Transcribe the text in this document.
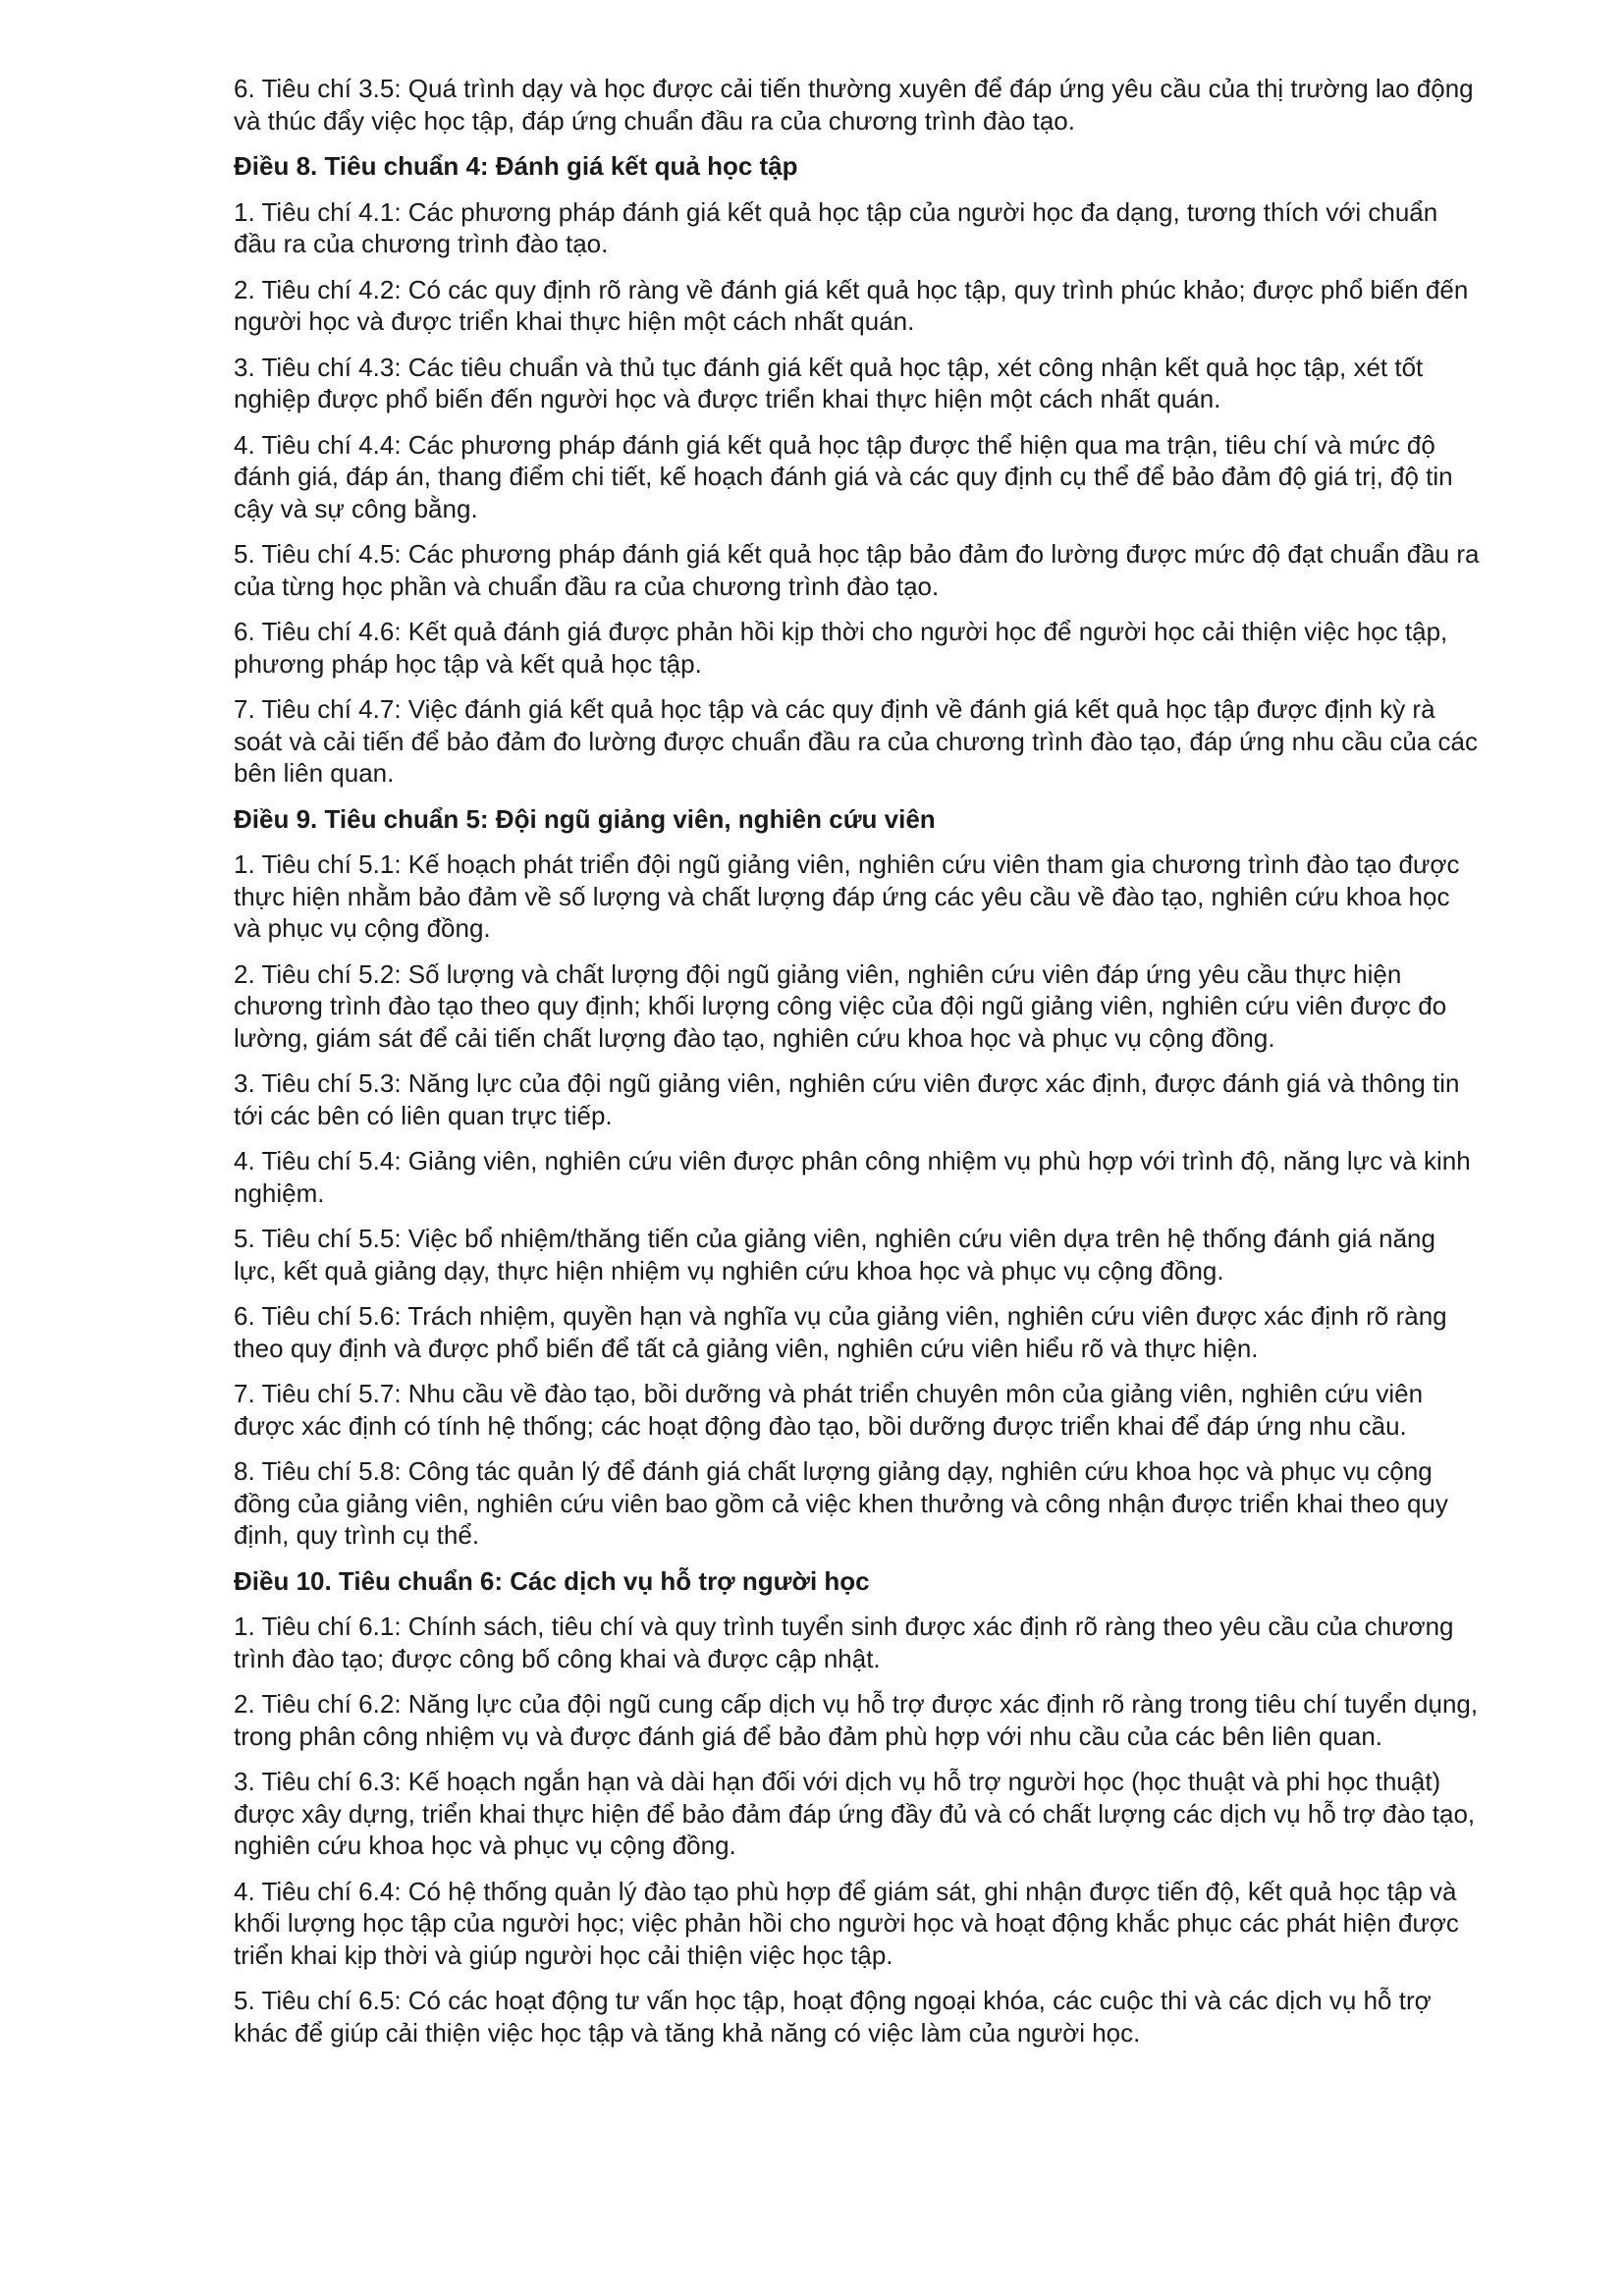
6. Tiêu chí 3.5: Quá trình dạy và học được cải tiến thường xuyên để đáp ứng yêu cầu của thị trường lao động và thúc đẩy việc học tập, đáp ứng chuẩn đầu ra của chương trình đào tạo.

Điều 8. Tiêu chuẩn 4: Đánh giá kết quả học tập

1. Tiêu chí 4.1: Các phương pháp đánh giá kết quả học tập của người học đa dạng, tương thích với chuẩn đầu ra của chương trình đào tạo.

2. Tiêu chí 4.2: Có các quy định rõ ràng về đánh giá kết quả học tập, quy trình phúc khảo; được phổ biến đến người học và được triển khai thực hiện một cách nhất quán.

3. Tiêu chí 4.3: Các tiêu chuẩn và thủ tục đánh giá kết quả học tập, xét công nhận kết quả học tập, xét tốt nghiệp được phổ biến đến người học và được triển khai thực hiện một cách nhất quán.

4. Tiêu chí 4.4: Các phương pháp đánh giá kết quả học tập được thể hiện qua ma trận, tiêu chí và mức độ đánh giá, đáp án, thang điểm chi tiết, kế hoạch đánh giá và các quy định cụ thể để bảo đảm độ giá trị, độ tin cậy và sự công bằng.

5. Tiêu chí 4.5: Các phương pháp đánh giá kết quả học tập bảo đảm đo lường được mức độ đạt chuẩn đầu ra của từng học phần và chuẩn đầu ra của chương trình đào tạo.

6. Tiêu chí 4.6: Kết quả đánh giá được phản hồi kịp thời cho người học để người học cải thiện việc học tập, phương pháp học tập và kết quả học tập.

7. Tiêu chí 4.7: Việc đánh giá kết quả học tập và các quy định về đánh giá kết quả học tập được định kỳ rà soát và cải tiến để bảo đảm đo lường được chuẩn đầu ra của chương trình đào tạo, đáp ứng nhu cầu của các bên liên quan.

Điều 9. Tiêu chuẩn 5: Đội ngũ giảng viên, nghiên cứu viên

1. Tiêu chí 5.1: Kế hoạch phát triển đội ngũ giảng viên, nghiên cứu viên tham gia chương trình đào tạo được thực hiện nhằm bảo đảm về số lượng và chất lượng đáp ứng các yêu cầu về đào tạo, nghiên cứu khoa học và phục vụ cộng đồng.

2. Tiêu chí 5.2: Số lượng và chất lượng đội ngũ giảng viên, nghiên cứu viên đáp ứng yêu cầu thực hiện chương trình đào tạo theo quy định; khối lượng công việc của đội ngũ giảng viên, nghiên cứu viên được đo lường, giám sát để cải tiến chất lượng đào tạo, nghiên cứu khoa học và phục vụ cộng đồng.

3. Tiêu chí 5.3: Năng lực của đội ngũ giảng viên, nghiên cứu viên được xác định, được đánh giá và thông tin tới các bên có liên quan trực tiếp.

4. Tiêu chí 5.4: Giảng viên, nghiên cứu viên được phân công nhiệm vụ phù hợp với trình độ, năng lực và kinh nghiệm.

5. Tiêu chí 5.5: Việc bổ nhiệm/thăng tiến của giảng viên, nghiên cứu viên dựa trên hệ thống đánh giá năng lực, kết quả giảng dạy, thực hiện nhiệm vụ nghiên cứu khoa học và phục vụ cộng đồng.

6. Tiêu chí 5.6: Trách nhiệm, quyền hạn và nghĩa vụ của giảng viên, nghiên cứu viên được xác định rõ ràng theo quy định và được phổ biến để tất cả giảng viên, nghiên cứu viên hiểu rõ và thực hiện.

7. Tiêu chí 5.7: Nhu cầu về đào tạo, bồi dưỡng và phát triển chuyên môn của giảng viên, nghiên cứu viên được xác định có tính hệ thống; các hoạt động đào tạo, bồi dưỡng được triển khai để đáp ứng nhu cầu.

8. Tiêu chí 5.8: Công tác quản lý để đánh giá chất lượng giảng dạy, nghiên cứu khoa học và phục vụ cộng đồng của giảng viên, nghiên cứu viên bao gồm cả việc khen thưởng và công nhận được triển khai theo quy định, quy trình cụ thể.

Điều 10. Tiêu chuẩn 6: Các dịch vụ hỗ trợ người học

1. Tiêu chí 6.1: Chính sách, tiêu chí và quy trình tuyển sinh được xác định rõ ràng theo yêu cầu của chương trình đào tạo; được công bố công khai và được cập nhật.

2. Tiêu chí 6.2: Năng lực của đội ngũ cung cấp dịch vụ hỗ trợ được xác định rõ ràng trong tiêu chí tuyển dụng, trong phân công nhiệm vụ và được đánh giá để bảo đảm phù hợp với nhu cầu của các bên liên quan.

3. Tiêu chí 6.3: Kế hoạch ngắn hạn và dài hạn đối với dịch vụ hỗ trợ người học (học thuật và phi học thuật) được xây dựng, triển khai thực hiện để bảo đảm đáp ứng đầy đủ và có chất lượng các dịch vụ hỗ trợ đào tạo, nghiên cứu khoa học và phục vụ cộng đồng.

4. Tiêu chí 6.4: Có hệ thống quản lý đào tạo phù hợp để giám sát, ghi nhận được tiến độ, kết quả học tập và khối lượng học tập của người học; việc phản hồi cho người học và hoạt động khắc phục các phát hiện được triển khai kịp thời và giúp người học cải thiện việc học tập.

5. Tiêu chí 6.5: Có các hoạt động tư vấn học tập, hoạt động ngoại khóa, các cuộc thi và các dịch vụ hỗ trợ khác để giúp cải thiện việc học tập và tăng khả năng có việc làm của người học.
